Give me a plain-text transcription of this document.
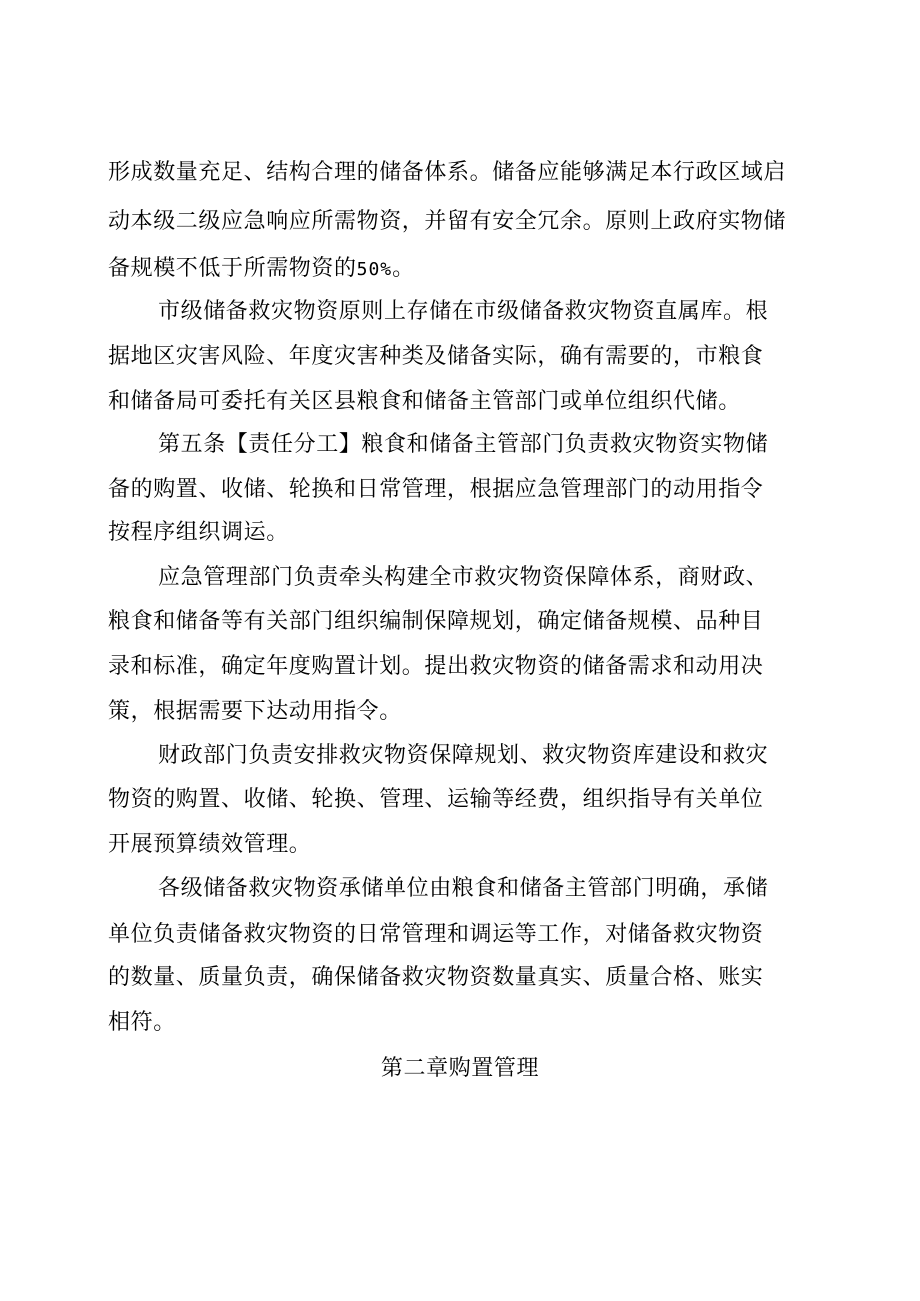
形成数量充足、结构合理的储备体系。储备应能够满足本行政区域启
动本级二级应急响应所需物资，并留有安全冗余。原则上政府实物储
备规模不低于所需物资的50%。
市级储备救灾物资原则上存储在市级储备救灾物资直属库。根
据地区灾害风险、年度灾害种类及储备实际，确有需要的，市粮食
和储备局可委托有关区县粮食和储备主管部门或单位组织代储。
第五条【责任分工】粮食和储备主管部门负责救灾物资实物储
备的购置、收储、轮换和日常管理，根据应急管理部门的动用指令
按程序组织调运。
应急管理部门负责牵头构建全市救灾物资保障体系，商财政、
粮食和储备等有关部门组织编制保障规划，确定储备规模、品种目
录和标准，确定年度购置计划。提出救灾物资的储备需求和动用决
策，根据需要下达动用指令。
财政部门负责安排救灾物资保障规划、救灾物资库建设和救灾
物资的购置、收储、轮换、管理、运输等经费，组织指导有关单位
开展预算绩效管理。
各级储备救灾物资承储单位由粮食和储备主管部门明确，承储
单位负责储备救灾物资的日常管理和调运等工作，对储备救灾物资
的数量、质量负责，确保储备救灾物资数量真实、质量合格、账实
相符。
第二章购置管理
